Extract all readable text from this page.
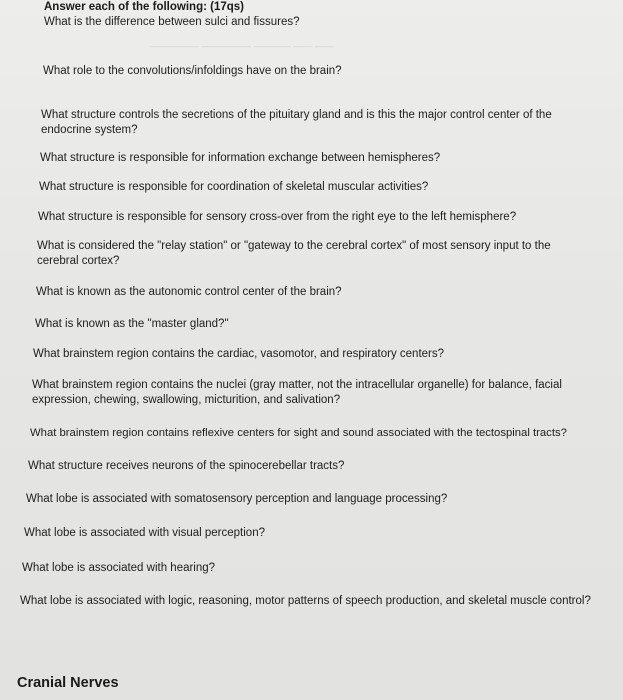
________ ________ ______ ___ ___

Answer each of the following: (17qs)

What is the difference between sulci and fissures?

What role to the convolutions/infoldings have on the brain?

What structure controls the secretions of the pituitary gland and is this the major control center of the endocrine system?

What structure is responsible for information exchange between hemispheres?

What structure is responsible for coordination of skeletal muscular activities?

What structure is responsible for sensory cross-over from the right eye to the left hemisphere?

What is considered the "relay station" or "gateway to the cerebral cortex" of most sensory input to the cerebral cortex?

What is known as the autonomic control center of the brain?

What is known as the "master gland?"

What brainstem region contains the cardiac, vasomotor, and respiratory centers?

What brainstem region contains the nuclei (gray matter, not the intracellular organelle) for balance, facial expression, chewing, swallowing, micturition, and salivation?

What brainstem region contains reflexive centers for sight and sound associated with the tectospinal tracts?

What structure receives neurons of the spinocerebellar tracts?

What lobe is associated with somatosensory perception and language processing?

What lobe is associated with visual perception?

What lobe is associated with hearing?

What lobe is associated with logic, reasoning, motor patterns of speech production, and skeletal muscle control?

Cranial Nerves
